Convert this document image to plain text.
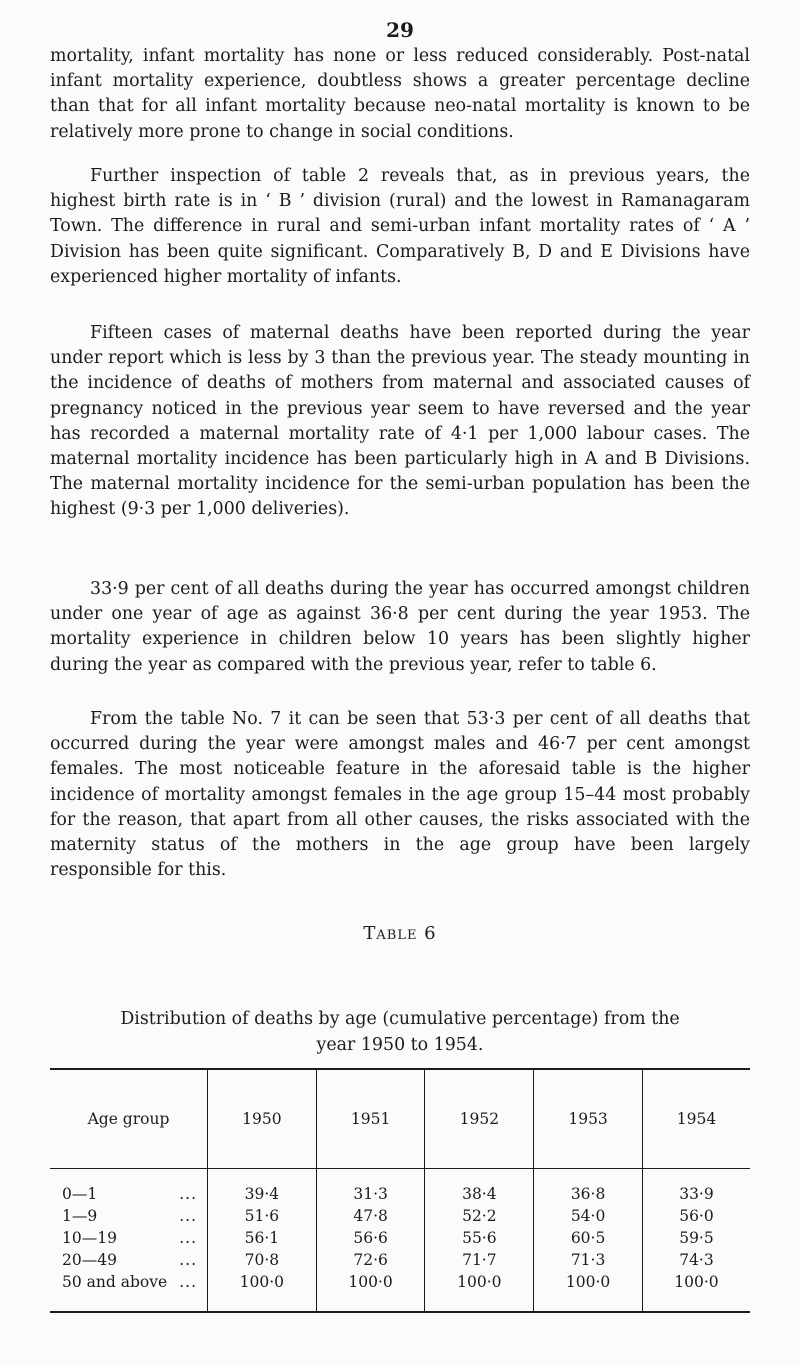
29

mortality, infant mortality has none or less reduced considerably. Post-natal infant mortality experience, doubtless shows a greater percentage decline than that for all infant mortality because neo-natal mortality is known to be relatively more prone to change in social conditions.

Further inspection of table 2 reveals that, as in previous years, the highest birth rate is in ‘ B ’ division (rural) and the lowest in Ramanagaram Town. The difference in rural and semi-urban infant mortality rates of ‘ A ’ Division has been quite significant. Comparatively B, D and E Divisions have experienced higher mortality of infants.

Fifteen cases of maternal deaths have been reported during the year under report which is less by 3 than the previous year. The steady mounting in the incidence of deaths of mothers from maternal and associated causes of pregnancy noticed in the previous year seem to have reversed and the year has recorded a maternal mortality rate of 4·1 per 1,000 labour cases. The maternal mortality incidence has been particularly high in A and B Divisions. The maternal mortality incidence for the semi-urban population has been the highest (9·3 per 1,000 deliveries).

33·9 per cent of all deaths during the year has occurred amongst children under one year of age as against 36·8 per cent during the year 1953. The mortality experience in children below 10 years has been slightly higher during the year as compared with the previous year, refer to table 6.

From the table No. 7 it can be seen that 53·3 per cent of all deaths that occurred during the year were amongst males and 46·7 per cent amongst females. The most noticeable feature in the aforesaid table is the higher incidence of mortality amongst females in the age group 15–44 most probably for the reason, that apart from all other causes, the risks associated with the maternity status of the mothers in the age group have been largely responsible for this.

Table 6
Distribution of deaths by age (cumulative percentage) from the year 1950 to 1954.
Age group	1950	1951	1952	1953	1954
0—1 ...	39·4	31·3	38·4	36·8	33·9
1—9 ...	51·6	47·8	52·2	54·0	56·0
10—19 ...	56·1	56·6	55·6	60·5	59·5
20—49 ...	70·8	72·6	71·7	71·3	74·3
50 and above ...	100·0	100·0	100·0	100·0	100·0
